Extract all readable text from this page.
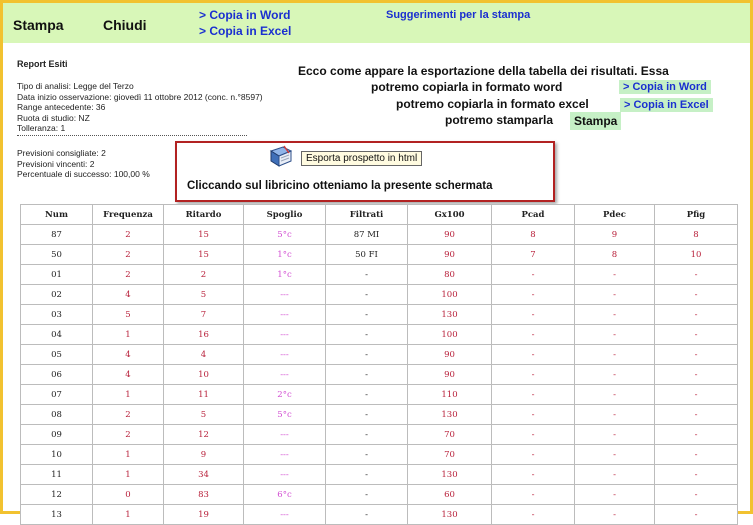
Stampa	Chiudi
> Copia in Word
> Copia in Excel
Suggerimenti per la stampa
Report Esiti
Tipo di analisi: Legge del Terzo
Data inizio osservazione: giovedì 11 ottobre 2012 (conc. n.°8597)
Range antecedente: 36
Ruota di studio: NZ
Tolleranza: 1
Previsioni consigliate: 2
Previsioni vincenti: 2
Percentuale di successo: 100,00 %
Ecco come appare la esportazione della tabella dei risultati. Essa
potremo copiarla in formato word	> Copia in Word
potremo copiarla in formato excel	> Copia in Excel
potremo stamparla	Stampa
Esporta prospetto in html
Cliccando sul libricino otteniamo la presente schermata
Num	Frequenza	Ritardo	Spoglio	Filtrati	Gx100	Pcad	Pdec	Pfig
87	2	15	5°c	87 MI	90	8	9	8
50	2	15	1°c	50 FI	90	7	8	10
01	2	2	1°c	-	80	-	-	-
02	4	5	---	-	100	-	-	-
03	5	7	---	-	130	-	-	-
04	1	16	---	-	100	-	-	-
05	4	4	---	-	90	-	-	-
06	4	10	---	-	90	-	-	-
07	1	11	2°c	-	110	-	-	-
08	2	5	5°c	-	130	-	-	-
09	2	12	---	-	70	-	-	-
10	1	9	---	-	70	-	-	-
11	1	34	---	-	130	-	-	-
12	0	83	6°c	-	60	-	-	-
13	1	19	---	-	130	-	-	-
